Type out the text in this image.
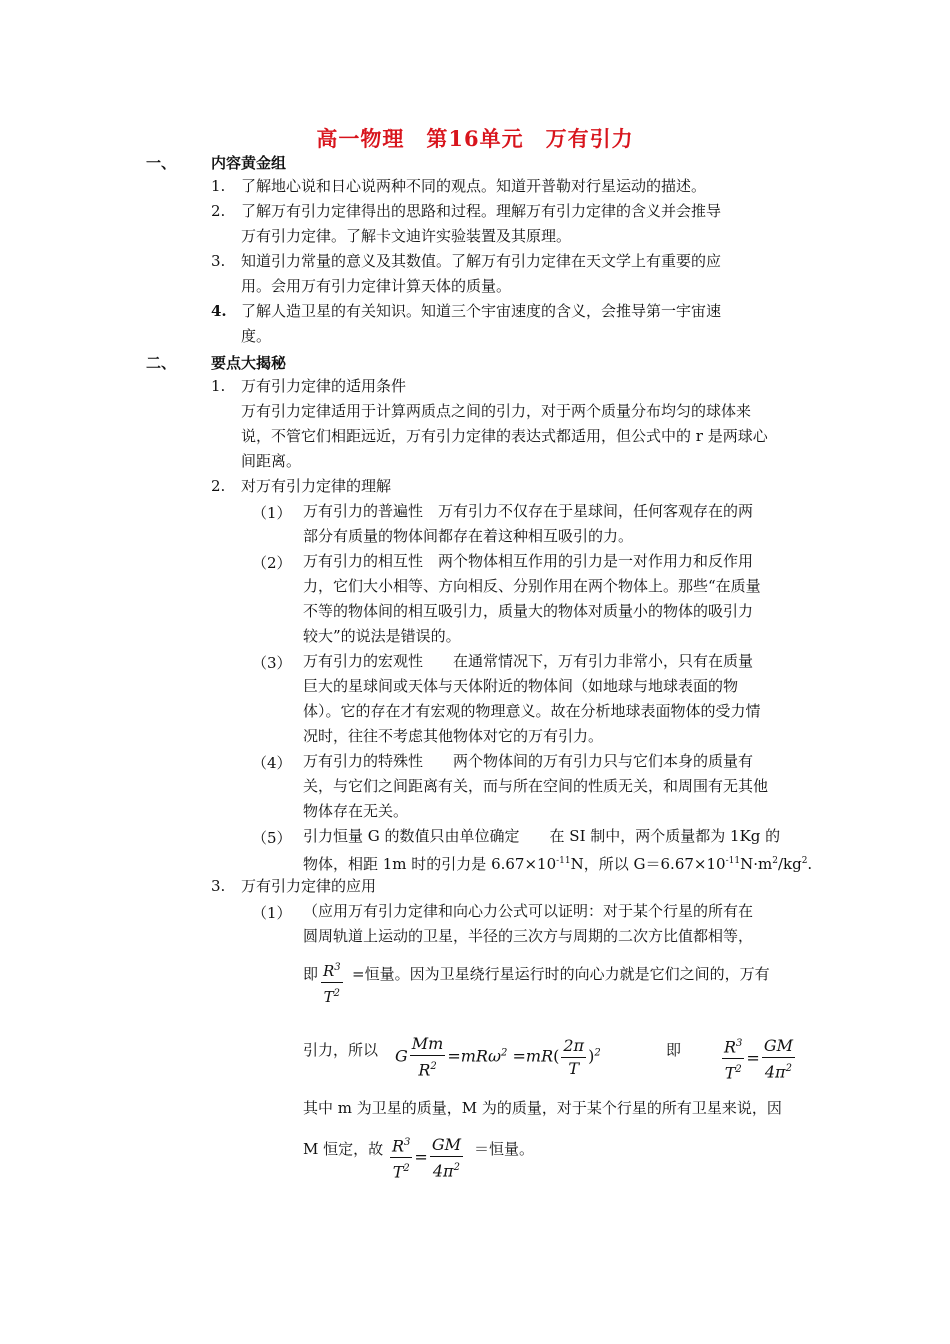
高一物理　第16单元　万有引力
一、 内容黄金组
1. 了解地心说和日心说两种不同的观点。知道开普勒对行星运动的描述。
2. 了解万有引力定律得出的思路和过程。理解万有引力定律的含义并会推导
万有引力定律。了解卡文迪许实验装置及其原理。
3. 知道引力常量的意义及其数值。了解万有引力定律在天文学上有重要的应
用。会用万有引力定律计算天体的质量。
4. 了解人造卫星的有关知识。知道三个宇宙速度的含义，会推导第一宇宙速
度。
二、 要点大揭秘
1. 万有引力定律的适用条件
万有引力定律适用于计算两质点之间的引力，对于两个质量分布均匀的球体来
说，不管它们相距远近，万有引力定律的表达式都适用，但公式中的 r 是两球心
间距离。
2. 对万有引力定律的理解
（1） 万有引力的普遍性　万有引力不仅存在于星球间，任何客观存在的两
部分有质量的物体间都存在着这种相互吸引的力。
（2） 万有引力的相互性　两个物体相互作用的引力是一对作用力和反作用
力，它们大小相等、方向相反、分别作用在两个物体上。那些“在质量
不等的物体间的相互吸引力，质量大的物体对质量小的物体的吸引力
较大”的说法是错误的。
（3） 万有引力的宏观性　　在通常情况下，万有引力非常小，只有在质量
巨大的星球间或天体与天体附近的物体间（如地球与地球表面的物
体）。它的存在才有宏观的物理意义。故在分析地球表面物体的受力情
况时，往往不考虑其他物体对它的万有引力。
（4） 万有引力的特殊性　　两个物体间的万有引力只与它们本身的质量有
关，与它们之间距离有关，而与所在空间的性质无关，和周围有无其他
物体存在无关。
（5） 引力恒量 G 的数值只由单位确定　　在 SI 制中，两个质量都为 1Kg 的
物体，相距 1m 时的引力是 $6.67\times 10^{-11}N$，所以 $G=6.67\times 10^{-11}N\cdot m^2/kg^2$.
3. 万有引力定律的应用
（1） （应用万有引力定律和向心力公式可以证明：对于某个行星的所有在
圆周轨道上运动的卫星，半径的三次方与周期的二次方比值都相等，
即 $\frac{R^3}{T^2}$ =恒量。因为卫星绕行星运行时的向心力就是它们之间的，万有
引力，所以 G $\frac{Mm}{R^2} =mR\omega^2 =mR( \frac{2\pi}{T} )^2$	即	$\frac{R^3}{T^2} = \frac{GM}{4\pi^2}$
其中 m 为卫星的质量，M 为的质量，对于某个行星的所有卫星来说，因
M 恒定，故 $\frac{R^3}{T^2} = \frac{GM}{4\pi^2}$ ＝恒量。
